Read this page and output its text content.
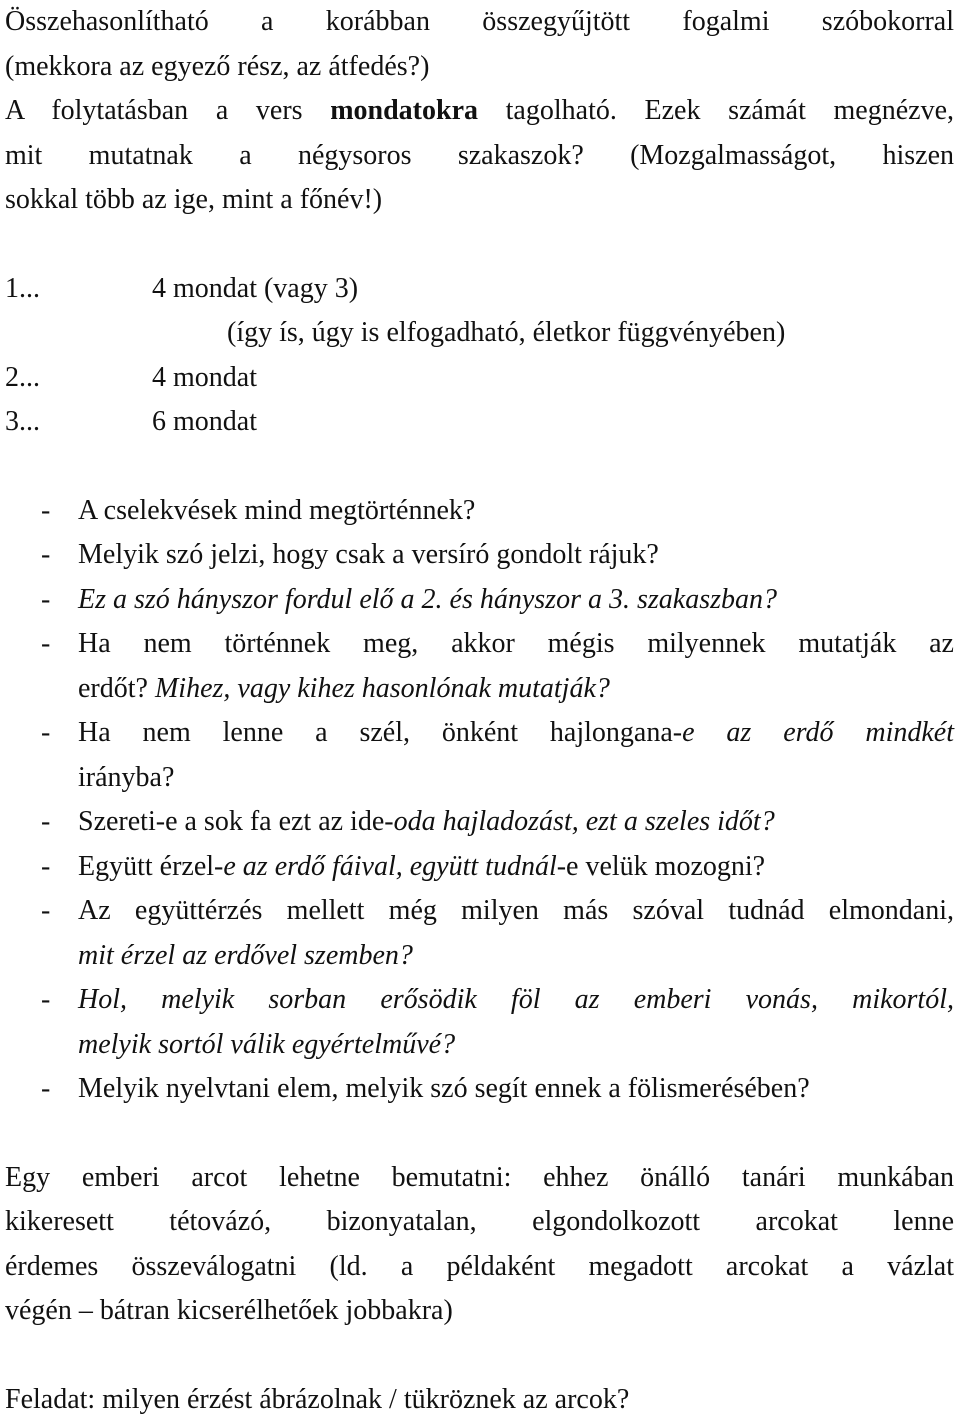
Összehasonlítható a korábban összegyűjtött fogalmi szóbokorral
(mekkora az egyező rész, az átfedés?)
A folytatásban a vers mondatokra tagolható. Ezek számát megnézve,
mit mutatnak a négysoros szakaszok? (Mozgalmasságot, hiszen
sokkal több az ige, mint a főnév!)
1...	4 mondat (vagy 3)
(így ís, úgy is elfogadható, életkor függvényében)
2...	4 mondat
3...	6 mondat
- A cselekvések mind megtörténnek?
- Melyik szó jelzi, hogy csak a versíró gondolt rájuk?
- Ez a szó hányszor fordul elő a 2. és hányszor a 3. szakaszban?
- Ha nem történnek meg, akkor mégis milyennek mutatják az
erdőt? Mihez, vagy kihez hasonlónak mutatják?
- Ha nem lenne a szél, önként hajlongana-e az erdő mindkét
irányba?
- Szereti-e a sok fa ezt az ide-oda hajladozást, ezt a szeles időt?
- Együtt érzel-e az erdő fáival, együtt tudnál-e velük mozogni?
- Az együttérzés mellett még milyen más szóval tudnád elmondani,
mit érzel az erdővel szemben?
- Hol, melyik sorban erősödik föl az emberi vonás, mikortól,
melyik sortól válik egyértelművé?
- Melyik nyelvtani elem, melyik szó segít ennek a fölismerésében?
Egy emberi arcot lehetne bemutatni: ehhez önálló tanári munkában
kikeresett tétovázó, bizonyatalan, elgondolkozott arcokat lenne
érdemes összeválogatni (ld. a példaként megadott arcokat a vázlat
végén – bátran kicserélhetőek jobbakra)
Feladat: milyen érzést ábrázolnak / tükröznek az arcok?
